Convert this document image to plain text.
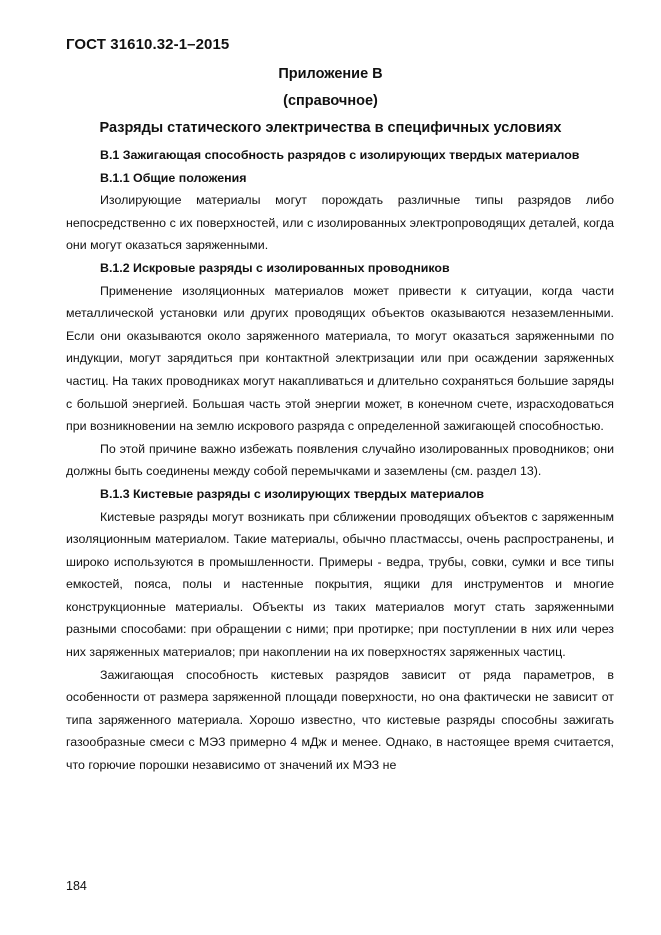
ГОСТ 31610.32-1–2015
Приложение В
(справочное)
Разряды статического электричества в специфичных условиях

В.1 Зажигающая способность разрядов с изолирующих твердых материалов

В.1.1 Общие положения

Изолирующие материалы могут порождать различные типы разрядов либо непосредственно с их поверхностей, или с изолированных электропроводящих деталей, когда они могут оказаться заряженными.

В.1.2 Искровые разряды с изолированных проводников

Применение изоляционных материалов может привести к ситуации, когда части металлической установки или других проводящих объектов оказываются незаземленными. Если они оказываются около заряженного материала, то могут оказаться заряженными по индукции, могут зарядиться при контактной электризации или при осаждении заряженных частиц. На таких проводниках могут накапливаться и длительно сохраняться большие заряды с большой энергией. Большая часть этой энергии может, в конечном счете, израсходоваться при возникновении на землю искрового разряда с определенной зажигающей способностью.

По этой причине важно избежать появления случайно изолированных проводников; они должны быть соединены между собой перемычками и заземлены (см. раздел 13).

В.1.3 Кистевые разряды с изолирующих твердых материалов

Кистевые разряды могут возникать при сближении проводящих объектов с заряженным изоляционным материалом. Такие материалы, обычно пластмассы, очень распространены, и широко используются в промышленности. Примеры - ведра, трубы, совки, сумки и все типы емкостей, пояса, полы и настенные покрытия, ящики для инструментов и многие конструкционные материалы. Объекты из таких материалов могут стать заряженными разными способами: при обращении с ними; при протирке; при поступлении в них или через них заряженных материалов; при накоплении на их поверхностях заряженных частиц.

Зажигающая способность кистевых разрядов зависит от ряда параметров, в особенности от размера заряженной площади поверхности, но она фактически не зависит от типа заряженного материала. Хорошо известно, что кистевые разряды способны зажигать газообразные смеси с МЭЗ примерно 4 мДж и менее. Однако, в настоящее время считается, что горючие порошки независимо от значений их МЭЗ не

184
